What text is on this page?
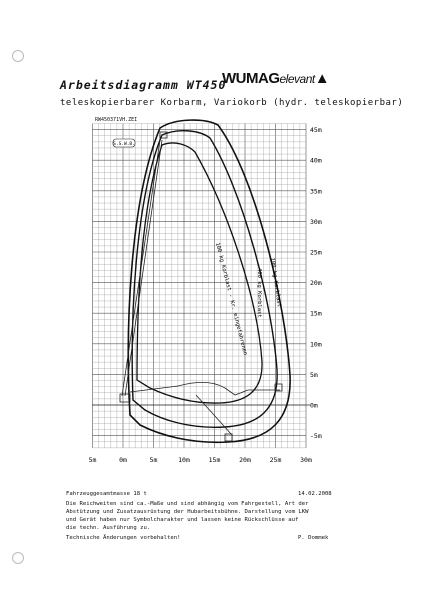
Arbeitsdiagramm WT450
WUMAGelevant▲
teleskopierbarer Korbarm, Variokorb (hydr. teleskopierbar)
RW450371VH.ZEI
45m
40m
35m
30m
25m
20m
15m
10m
5m
0m
-5m
5m	0m	5m	10m	15m	20m	25m	30m
S.S.W.B.
100 kg Korblast - Kr. eingefahrenen 400 kg Korblast 100 kg Korblast
Fahrzeuggesamtmasse 18 t	14.02.2008
Die Reichweiten sind ca.-Maße und sind abhängig vom Fahrgestell, Art der
Abstützung und Zusatzausrüstung der Hubarbeitsbühne. Darstellung vom LKW
und Gerät haben nur Symbolcharakter und lassen keine Rückschlüsse auf
die techn. Ausführung zu.
Technische Änderungen vorbehalten!	P. Dommek
